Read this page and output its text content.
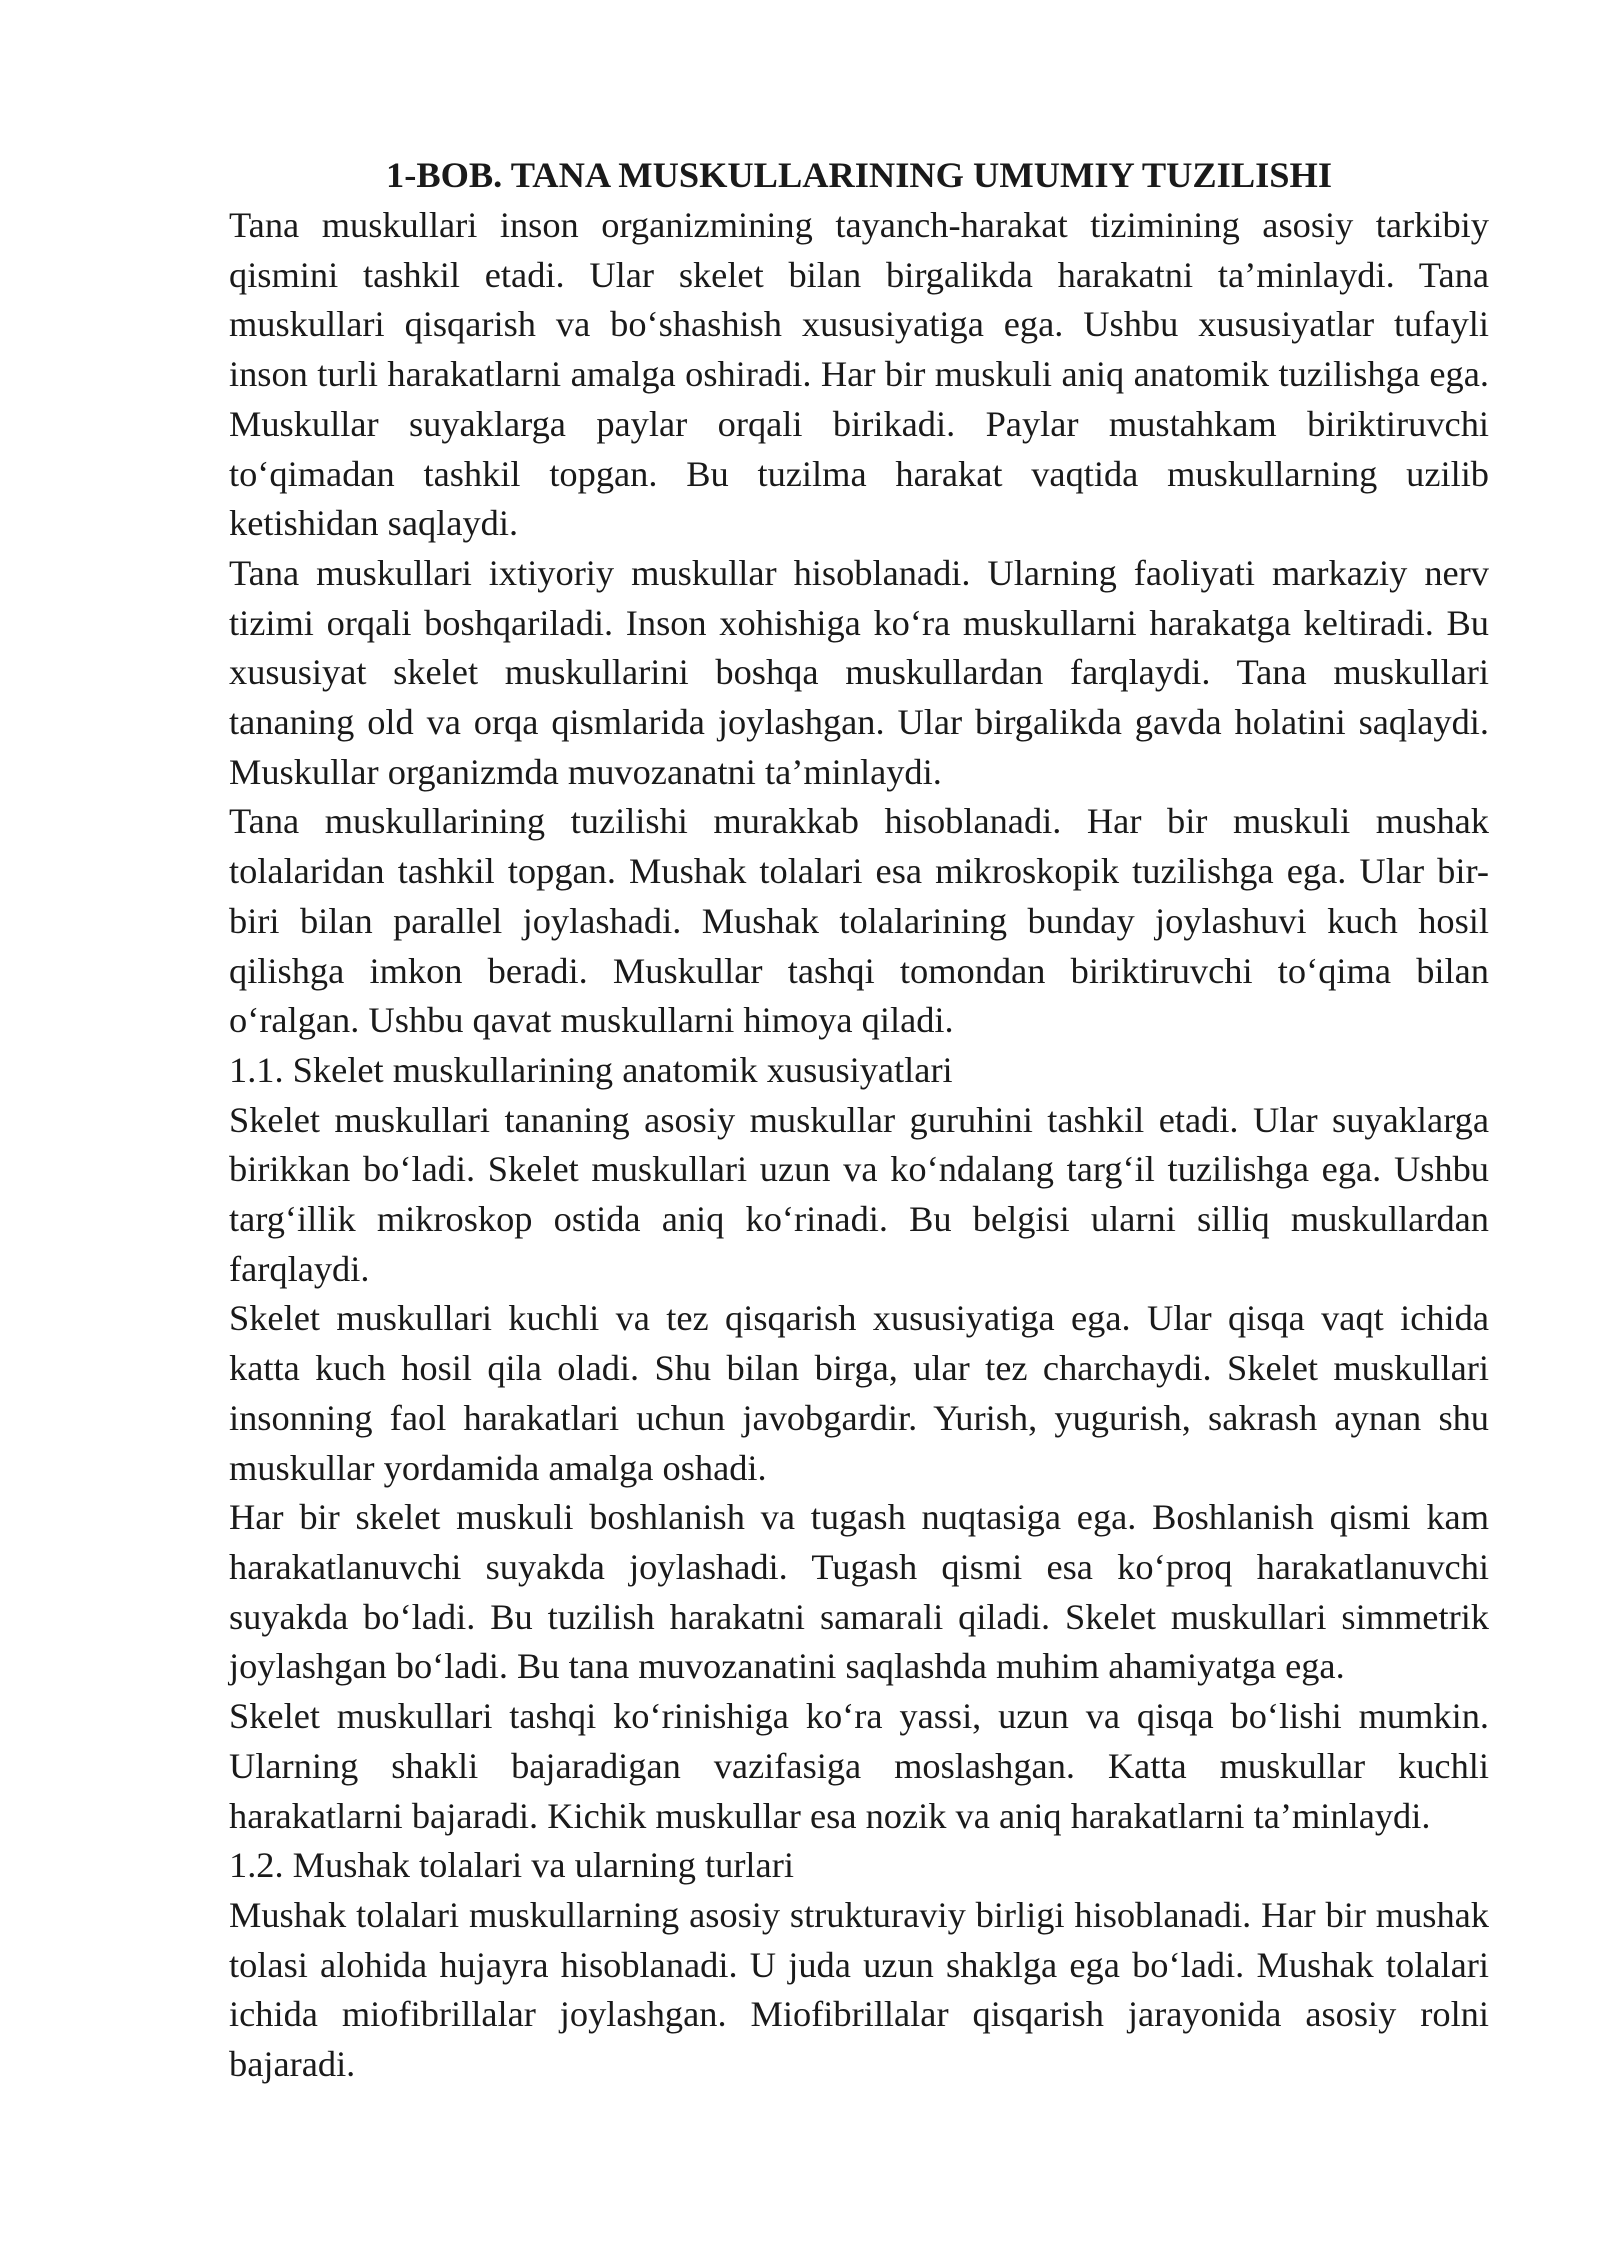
1-BOB. TANA MUSKULLARINING UMUMIY TUZILISHI

Tana muskullari inson organizmining tayanch-harakat tizimining asosiy tarkibiy qismini tashkil etadi. Ular skelet bilan birgalikda harakatni ta’minlaydi. Tana muskullari qisqarish va bo‘shashish xususiyatiga ega. Ushbu xususiyatlar tufayli inson turli harakatlarni amalga oshiradi. Har bir muskuli aniq anatomik tuzilishga ega. Muskullar suyaklarga paylar orqali birikadi. Paylar mustahkam biriktiruvchi to‘qimadan tashkil topgan. Bu tuzilma harakat vaqtida muskullarning uzilib ketishidan saqlaydi.

Tana muskullari ixtiyoriy muskullar hisoblanadi. Ularning faoliyati markaziy nerv tizimi orqali boshqariladi. Inson xohishiga ko‘ra muskullarni harakatga keltiradi. Bu xususiyat skelet muskullarini boshqa muskullardan farqlaydi. Tana muskullari tananing old va orqa qismlarida joylashgan. Ular birgalikda gavda holatini saqlaydi. Muskullar organizmda muvozanatni ta’minlaydi.

Tana muskullarining tuzilishi murakkab hisoblanadi. Har bir muskuli mushak tolalaridan tashkil topgan. Mushak tolalari esa mikroskopik tuzilishga ega. Ular bir-biri bilan parallel joylashadi. Mushak tolalarining bunday joylashuvi kuch hosil qilishga imkon beradi. Muskullar tashqi tomondan biriktiruvchi to‘qima bilan o‘ralgan. Ushbu qavat muskullarni himoya qiladi.

1.1. Skelet muskullarining anatomik xususiyatlari

Skelet muskullari tananing asosiy muskullar guruhini tashkil etadi. Ular suyaklarga birikkan bo‘ladi. Skelet muskullari uzun va ko‘ndalang targ‘il tuzilishga ega. Ushbu targ‘illik mikroskop ostida aniq ko‘rinadi. Bu belgisi ularni silliq muskullardan farqlaydi.

Skelet muskullari kuchli va tez qisqarish xususiyatiga ega. Ular qisqa vaqt ichida katta kuch hosil qila oladi. Shu bilan birga, ular tez charchaydi. Skelet muskullari insonning faol harakatlari uchun javobgardir. Yurish, yugurish, sakrash aynan shu muskullar yordamida amalga oshadi.

Har bir skelet muskuli boshlanish va tugash nuqtasiga ega. Boshlanish qismi kam harakatlanuvchi suyakda joylashadi. Tugash qismi esa ko‘proq harakatlanuvchi suyakda bo‘ladi. Bu tuzilish harakatni samarali qiladi. Skelet muskullari simmetrik joylashgan bo‘ladi. Bu tana muvozanatini saqlashda muhim ahamiyatga ega.

Skelet muskullari tashqi ko‘rinishiga ko‘ra yassi, uzun va qisqa bo‘lishi mumkin. Ularning shakli bajaradigan vazifasiga moslashgan. Katta muskullar kuchli harakatlarni bajaradi. Kichik muskullar esa nozik va aniq harakatlarni ta’minlaydi.

1.2. Mushak tolalari va ularning turlari

Mushak tolalari muskullarning asosiy strukturaviy birligi hisoblanadi. Har bir mushak tolasi alohida hujayra hisoblanadi. U juda uzun shaklga ega bo‘ladi. Mushak tolalari ichida miofibrillalar joylashgan. Miofibrillalar qisqarish jarayonida asosiy rolni bajaradi.
